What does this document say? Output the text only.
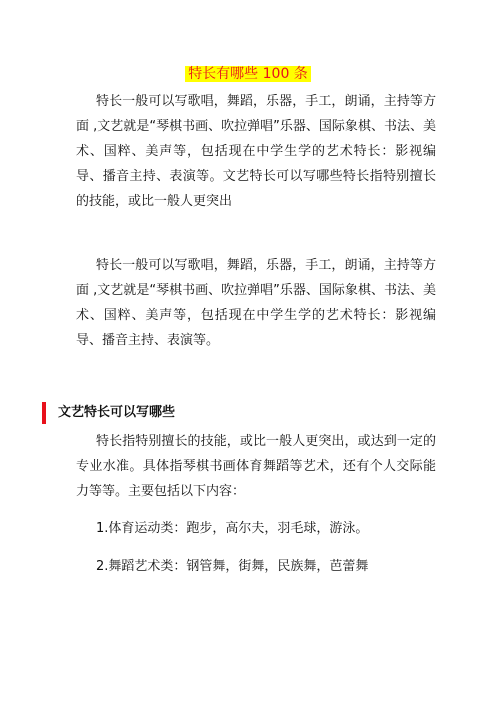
特长有哪些 100 条

特长一般可以写歌唱，舞蹈，乐器，手工，朗诵，主持等方面 ,文艺就是“琴棋书画、吹拉弹唱”乐器、国际象棋、书法、美术、国粹、美声等，包括现在中学生学的艺术特长：影视编导、播音主持、表演等。文艺特长可以写哪些特长指特别擅长的技能，或比一般人更突出

特长一般可以写歌唱，舞蹈，乐器，手工，朗诵，主持等方面 ,文艺就是“琴棋书画、吹拉弹唱”乐器、国际象棋、书法、美术、国粹、美声等，包括现在中学生学的艺术特长：影视编导、播音主持、表演等。

文艺特长可以写哪些

特长指特别擅长的技能，或比一般人更突出，或达到一定的专业水准。具体指琴棋书画体育舞蹈等艺术，还有个人交际能力等等。主要包括以下内容：

1.体育运动类：跑步，高尔夫，羽毛球，游泳。

2.舞蹈艺术类：钢管舞，街舞，民族舞，芭蕾舞
